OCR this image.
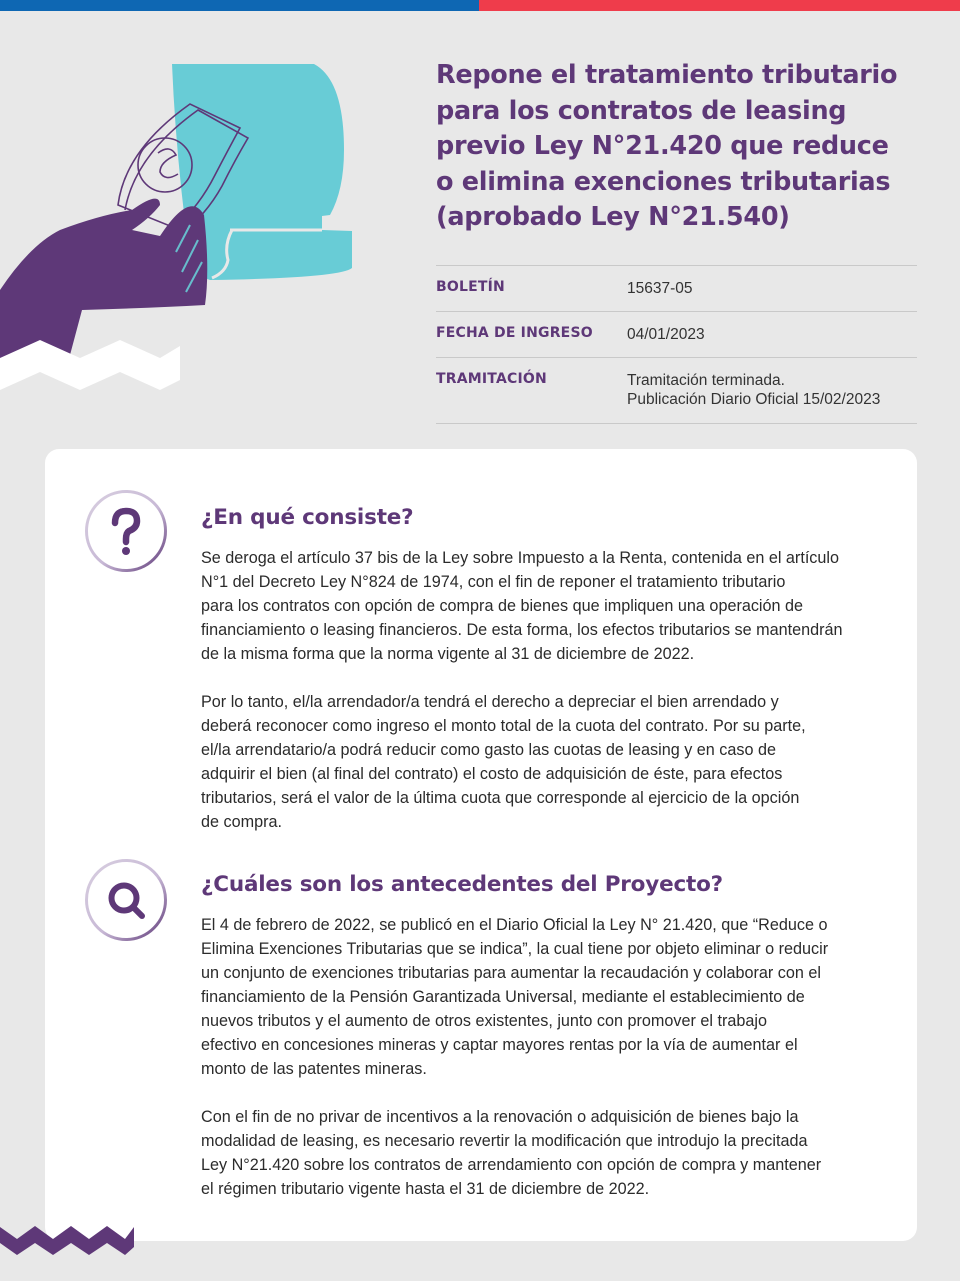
Repone el tratamiento tributario
para los contratos de leasing
previo Ley N°21.420 que reduce
o elimina exenciones tributarias
(aprobado Ley N°21.540)
BOLETÍN	15637-05
FECHA DE INGRESO	04/01/2023
TRAMITACIÓN	Tramitación terminada.
Publicación Diario Oficial 15/02/2023
¿En qué consiste?

Se deroga el artículo 37 bis de la Ley sobre Impuesto a la Renta, contenida en el artículo
N°1 del Decreto Ley N°824 de 1974, con el fin de reponer el tratamiento tributario
para los contratos con opción de compra de bienes que impliquen una operación de
financiamiento o leasing financieros. De esta forma, los efectos tributarios se mantendrán
de la misma forma que la norma vigente al 31 de diciembre de 2022.

Por lo tanto, el/la arrendador/a tendrá el derecho a depreciar el bien arrendado y
deberá reconocer como ingreso el monto total de la cuota del contrato. Por su parte,
el/la arrendatario/a podrá reducir como gasto las cuotas de leasing y en caso de
adquirir el bien (al final del contrato) el costo de adquisición de éste, para efectos
tributarios, será el valor de la última cuota que corresponde al ejercicio de la opción
de compra.

¿Cuáles son los antecedentes del Proyecto?

El 4 de febrero de 2022, se publicó en el Diario Oficial la Ley N° 21.420, que “Reduce o
Elimina Exenciones Tributarias que se indica”, la cual tiene por objeto eliminar o reducir
un conjunto de exenciones tributarias para aumentar la recaudación y colaborar con el
financiamiento de la Pensión Garantizada Universal, mediante el establecimiento de
nuevos tributos y el aumento de otros existentes, junto con promover el trabajo
efectivo en concesiones mineras y captar mayores rentas por la vía de aumentar el
monto de las patentes mineras.

Con el fin de no privar de incentivos a la renovación o adquisición de bienes bajo la
modalidad de leasing, es necesario revertir la modificación que introdujo la precitada
Ley N°21.420 sobre los contratos de arrendamiento con opción de compra y mantener
el régimen tributario vigente hasta el 31 de diciembre de 2022.
